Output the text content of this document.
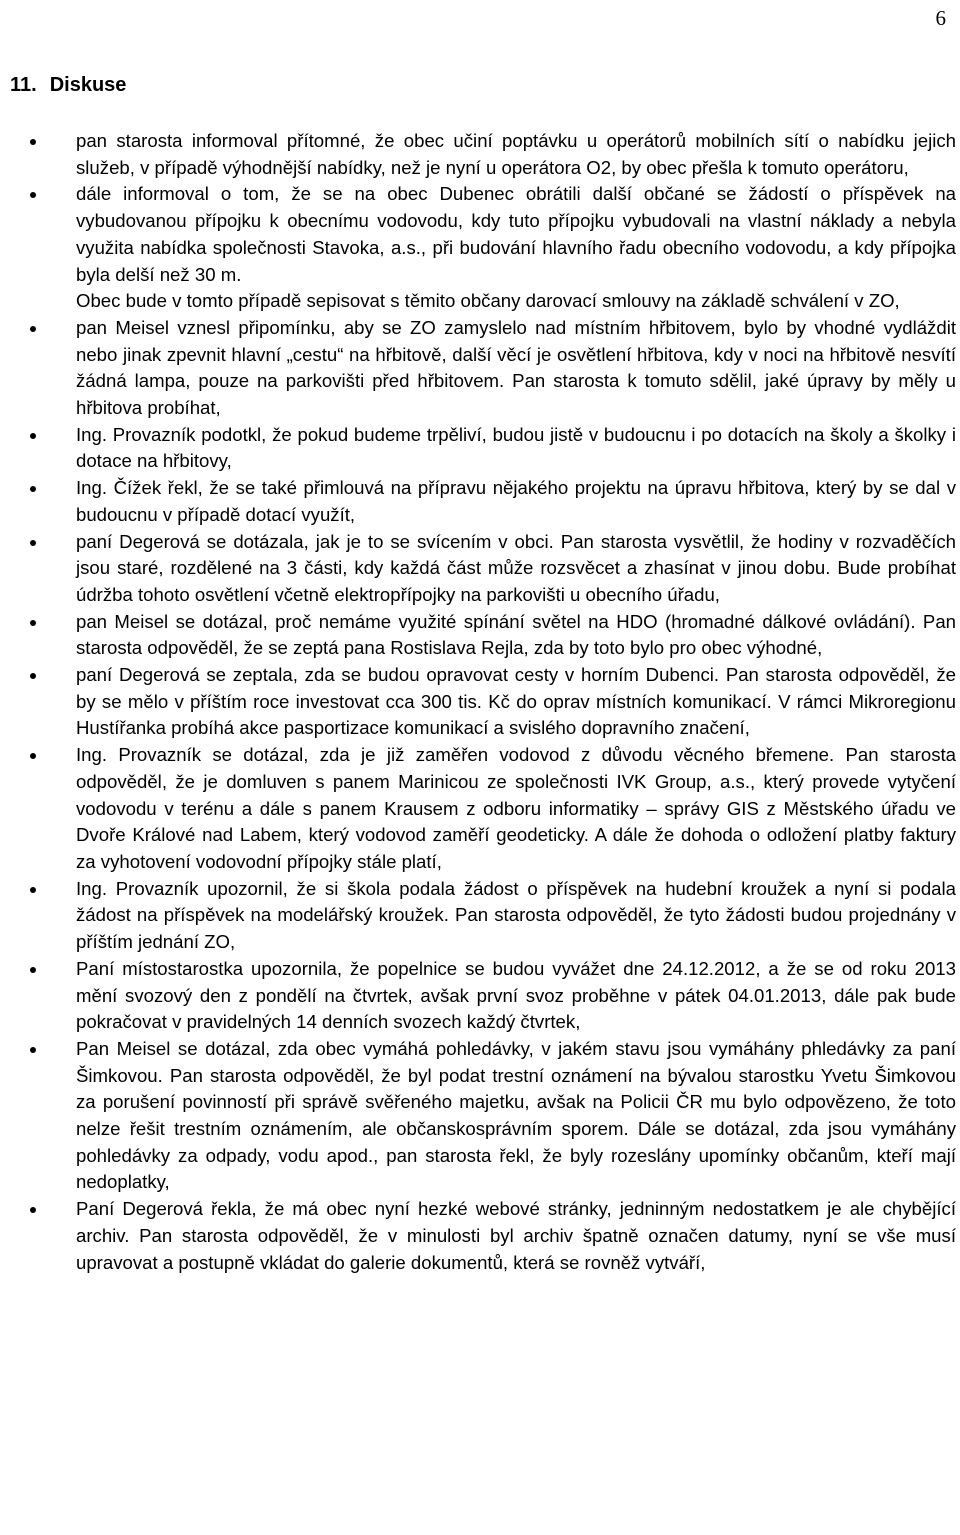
6
11. Diskuse
pan starosta informoval přítomné, že obec učiní poptávku u operátorů mobilních sítí o nabídku jejich služeb, v případě výhodnější nabídky, než je nyní u operátora O2, by obec přešla k tomuto operátoru,
dále informoval o tom, že se na obec Dubenec obrátili další občané se žádostí o příspěvek na vybudovanou přípojku k obecnímu vodovodu, kdy tuto přípojku vybudovali na vlastní náklady a nebyla využita nabídka společnosti Stavoka, a.s., při budování hlavního řadu obecního vodovodu, a kdy přípojka byla delší než 30 m.
Obec bude v tomto případě sepisovat s těmito občany darovací smlouvy na základě schválení v ZO,
pan Meisel vznesl připomínku, aby se ZO zamyslelo nad místním hřbitovem, bylo by vhodné vydláždit nebo jinak zpevnit hlavní „cestu“ na hřbitově, další věcí je osvětlení hřbitova, kdy v noci na hřbitově nesvítí žádná lampa, pouze na parkovišti před hřbitovem. Pan starosta k tomuto sdělil, jaké úpravy by měly u hřbitova probíhat,
Ing. Provazník podotkl, že pokud budeme trpěliví, budou jistě v budoucnu i po dotacích na školy a školky i dotace na hřbitovy,
Ing. Čížek řekl, že se také přimlouvá na přípravu nějakého projektu na úpravu hřbitova, který by se dal v budoucnu v případě dotací využít,
paní Degerová se dotázala, jak je to se svícením v obci. Pan starosta vysvětlil, že hodiny v rozvaděčích jsou staré, rozdělené na 3 části, kdy každá část může rozsvěcet a zhasínat v jinou dobu. Bude probíhat údržba tohoto osvětlení včetně elektropřípojky na parkovišti u obecního úřadu,
pan Meisel se dotázal, proč nemáme využité spínání světel na HDO (hromadné dálkové ovládání). Pan starosta odpověděl, že se zeptá pana Rostislava Rejla, zda by toto bylo pro obec výhodné,
paní Degerová se zeptala, zda se budou opravovat cesty v horním Dubenci. Pan starosta odpověděl, že by se mělo v příštím roce investovat cca 300 tis. Kč do oprav místních komunikací. V rámci Mikroregionu Hustířanka probíhá akce pasportizace komunikací a svislého dopravního značení,
Ing. Provazník se dotázal, zda je již zaměřen vodovod z důvodu věcného břemene. Pan starosta odpověděl, že je domluven s panem Marinicou ze společnosti IVK Group, a.s., který provede vytyčení vodovodu v terénu a dále s panem Krausem z odboru informatiky – správy GIS z Městského úřadu ve Dvoře Králové nad Labem, který vodovod zaměří geodeticky. A dále že dohoda o odložení platby faktury za vyhotovení vodovodní přípojky stále platí,
Ing. Provazník upozornil, že si škola podala žádost o příspěvek na hudební kroužek a nyní si podala žádost na příspěvek na modelářský kroužek. Pan starosta odpověděl, že tyto žádosti budou projednány v příštím jednání ZO,
Paní místostarostka upozornila, že popelnice se budou vyvážet dne 24.12.2012, a že se od roku 2013 mění svozový den z pondělí na čtvrtek, avšak první svoz proběhne v pátek 04.01.2013, dále pak bude pokračovat v pravidelných 14 denních svozech každý čtvrtek,
Pan Meisel se dotázal, zda obec vymáhá pohledávky, v jakém stavu jsou vymáhány phledávky za paní Šimkovou. Pan starosta odpověděl, že byl podat trestní oznámení na bývalou starostku Yvetu Šimkovou za porušení povinností při správě svěřeného majetku, avšak na Policii ČR mu bylo odpovězeno, že toto nelze řešit trestním oznámením, ale občanskosprávním sporem. Dále se dotázal, zda jsou vymáhány pohledávky za odpady, vodu apod., pan starosta řekl, že byly rozeslány upomínky občanům, kteří mají nedoplatky,
Paní Degerová řekla, že má obec nyní hezké webové stránky, jedninným nedostatkem je ale chybějící archiv. Pan starosta odpověděl, že v minulosti byl archiv špatně označen datumy, nyní se vše musí upravovat a postupně vkládat do galerie dokumentů, která se rovněž vytváří,
